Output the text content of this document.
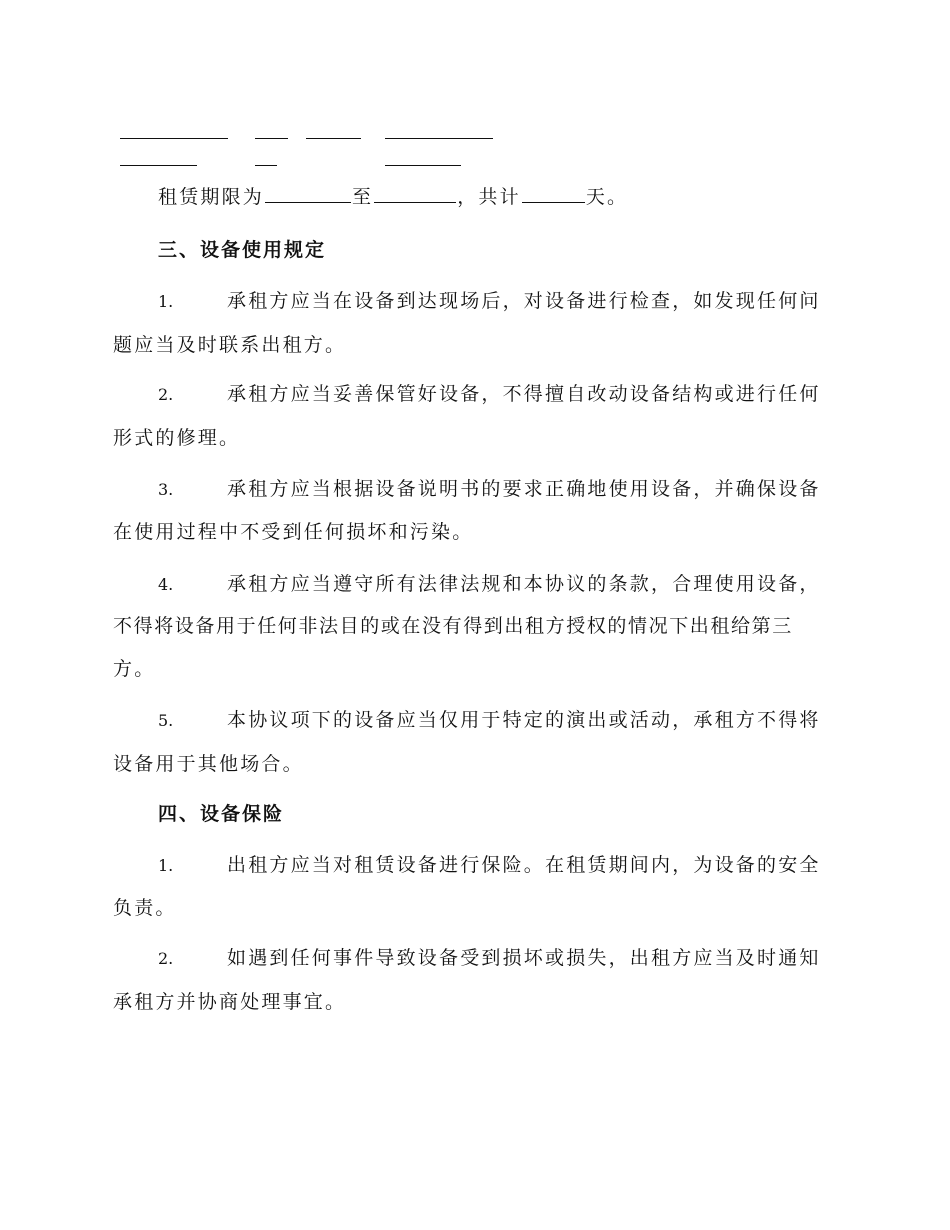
租赁期限为	至	，共计	天。
三、设备使用规定
1.	承租方应当在设备到达现场后，对设备进行检查，如发现任何问
题应当及时联系出租方。
2.	承租方应当妥善保管好设备，不得擅自改动设备结构或进行任何
形式的修理。
3.	承租方应当根据设备说明书的要求正确地使用设备，并确保设备
在使用过程中不受到任何损坏和污染。
4.	承租方应当遵守所有法律法规和本协议的条款，合理使用设备，
不得将设备用于任何非法目的或在没有得到出租方授权的情况下出租给第三
方。
5.	本协议项下的设备应当仅用于特定的演出或活动，承租方不得将
设备用于其他场合。
四、设备保险
1.	出租方应当对租赁设备进行保险。在租赁期间内，为设备的安全
负责。
2.	如遇到任何事件导致设备受到损坏或损失，出租方应当及时通知
承租方并协商处理事宜。
